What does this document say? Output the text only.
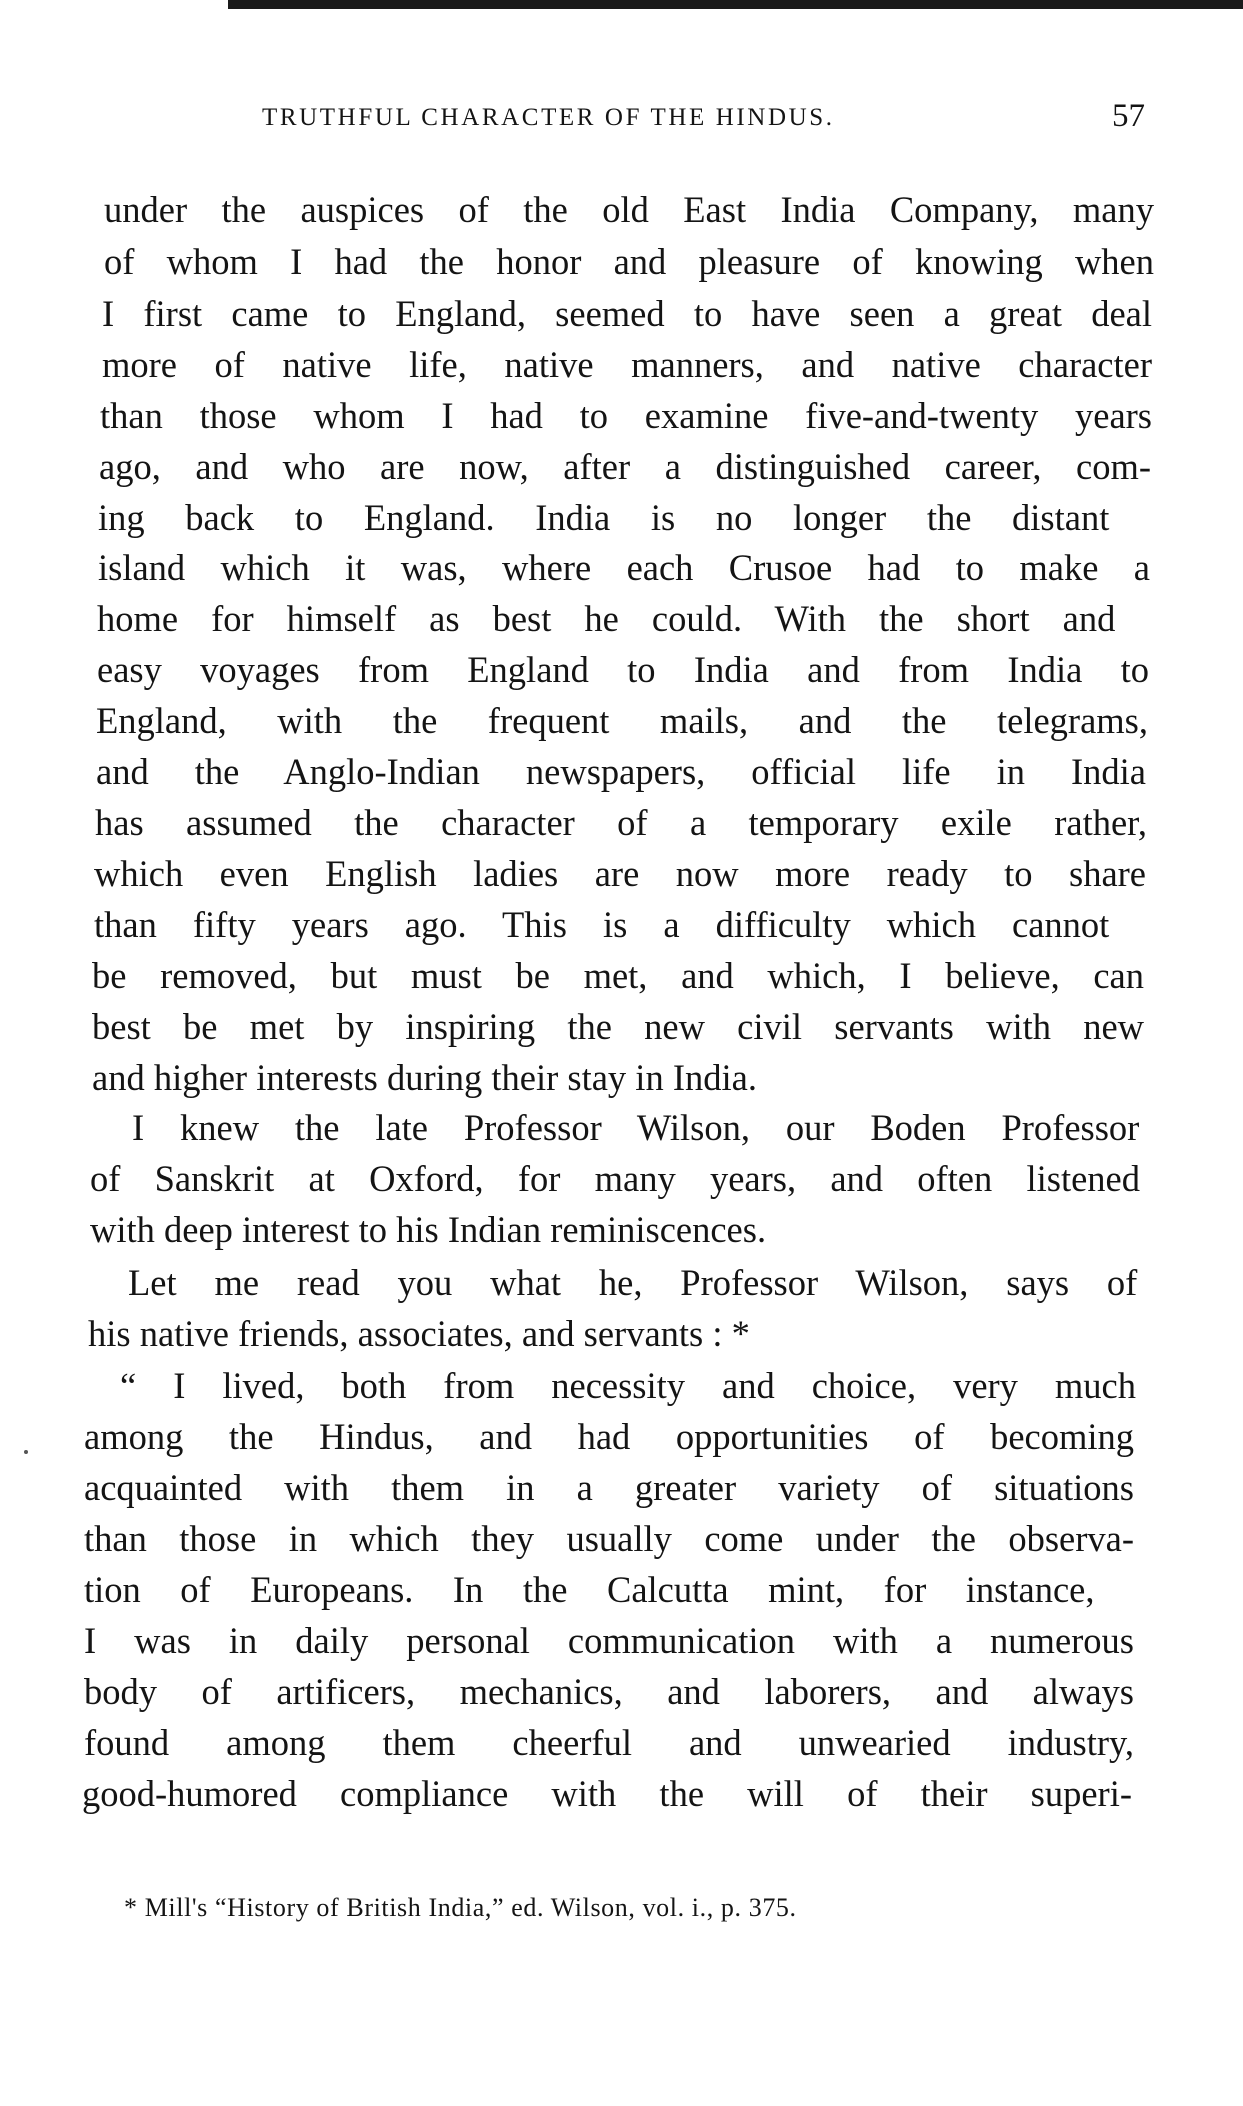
TRUTHFUL CHARACTER OF THE HINDUS.	57
under the auspices of the old East India Company, many
of whom I had the honor and pleasure of knowing when
I first came to England, seemed to have seen a great deal
more of native life, native manners, and native character
than those whom I had to examine five-and-twenty years
ago, and who are now, after a distinguished career, com-
ing back to England. India is no longer the distant
island which it was, where each Crusoe had to make a
home for himself as best he could. With the short and
easy voyages from England to India and from India to
England, with the frequent mails, and the telegrams,
and the Anglo-Indian newspapers, official life in India
has assumed the character of a temporary exile rather,
which even English ladies are now more ready to share
than fifty years ago. This is a difficulty which cannot
be removed, but must be met, and which, I believe, can
best be met by inspiring the new civil servants with new
and higher interests during their stay in India.
I knew the late Professor Wilson, our Boden Professor
of Sanskrit at Oxford, for many years, and often listened
with deep interest to his Indian reminiscences.
Let me read you what he, Professor Wilson, says of
his native friends, associates, and servants : *
“ I lived, both from necessity and choice, very much
among the Hindus, and had opportunities of becoming
acquainted with them in a greater variety of situations
than those in which they usually come under the observa-
tion of Europeans. In the Calcutta mint, for instance,
I was in daily personal communication with a numerous
body of artificers, mechanics, and laborers, and always
found among them cheerful and unwearied industry,
good-humored compliance with the will of their superi-
* Mill's “History of British India,” ed. Wilson, vol. i., p. 375.
